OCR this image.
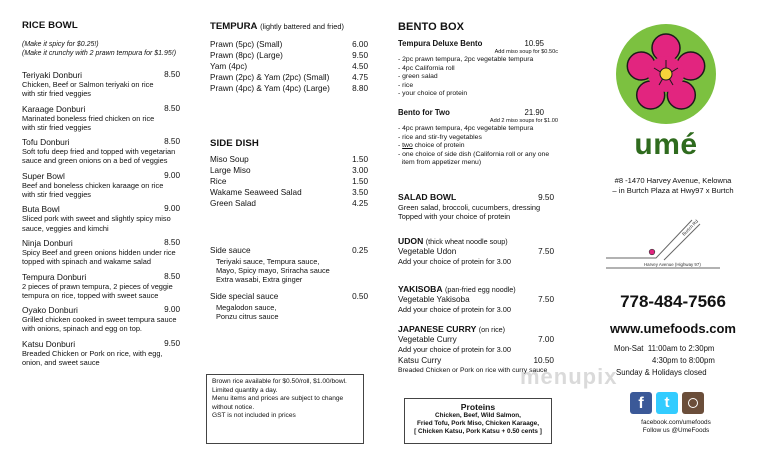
RICE BOWL
(Make it spicy for $0.25!)
(Make it crunchy with 2 prawn tempura for $1.95!)
Teriyaki Donburi	8.50
Chicken, Beef or Salmon teriyaki on rice
with stir fried veggies
Karaage Donburi	8.50
Marinated boneless fried chicken on rice
with stir fried veggies
Tofu Donburi	8.50
Soft tofu deep fried and topped with vegetarian
sauce and green onions on a bed of veggies
Super Bowl	9.00
Beef and boneless chicken karaage on rice
with stir fried veggies
Buta Bowl	9.00
Sliced pork with sweet and slightly spicy miso
sauce, veggies and kimchi
Ninja Donburi	8.50
Spicy Beef and green onions hidden under rice
topped with spinach and wakame salad
Tempura Donburi	8.50
2 pieces of prawn tempura, 2 pieces of veggie
tempura on rice, topped with sweet sauce
Oyako Donburi	9.00
Grilled chicken cooked in sweet tempura sauce
with onions, spinach and egg on top.
Katsu Donburi	9.50
Breaded Chicken or Pork on rice, with egg,
onion, and sweet sauce
TEMPURA (lightly battered and fried)
Prawn (5pc) (Small)	6.00
Prawn (8pc) (Large)	9.50
Yam (4pc)	4.50
Prawn (2pc) & Yam (2pc) (Small)	4.75
Prawn (4pc) & Yam (4pc) (Large)	8.80
SIDE DISH
Miso Soup	1.50
Large Miso	3.00
Rice	1.50
Wakame Seaweed Salad	3.50
Green Salad	4.25
Side sauce	0.25
Teriyaki sauce, Tempura sauce,
Mayo, Spicy mayo, Sriracha sauce
Extra wasabi, Extra ginger
Side special sauce	0.50
Megalodon sauce,
Ponzu citrus sauce
Brown rice available for $0.50/roll, $1.00/bowl.
Limited quantity a day.
Menu items and prices are subject to change
without notice.
GST is not included in prices
BENTO BOX
Tempura Deluxe Bento	10.95
Add miso soup for $0.50c
- 2pc prawn tempura, 2pc vegetable tempura
- 4pc California roll
- green salad
- rice
- your choice of protein
Bento for Two	21.90
Add 2 miso soups for $1.00
- 4pc prawn tempura, 4pc vegetable tempura
- rice and stir-fry vegetables
- two choice of protein
- one choice of side dish (California roll or any one
item from appetizer menu)
SALAD BOWL	9.50
Green salad, broccoli, cucumbers, dressing
Topped with your choice of protein
UDON (thick wheat noodle soup)
Vegetable Udon	7.50
Add your choice of protein for 3.00
YAKISOBA (pan-fried egg noodle)
Vegetable Yakisoba	7.50
Add your choice of protein for 3.00
JAPANESE CURRY (on rice)
Vegetable Curry	7.00
Add your choice of protein for 3.00
Katsu Curry	10.50
Breaded Chicken or Pork on rice with curry sauce
Proteins
Chicken, Beef, Wild Salmon,
Fried Tofu, Pork Miso, Chicken Karaage,
[ Chicken Katsu, Pork Katsu + 0.50 cents ]
umé
#8 -1470 Harvey Avenue, Kelowna
– in Burtch Plaza at Hwy97 x Burtch
Burtch Rd
Harvey Avenue (Highway 97)
778-484-7566
www.umefoods.com
Mon-Sat 11:00am to 2:30pm
4:30pm to 8:00pm
Sunday & Holidays closed
menupix
f	t
facebook.com/umefoods
Follow us @UmeFoods
